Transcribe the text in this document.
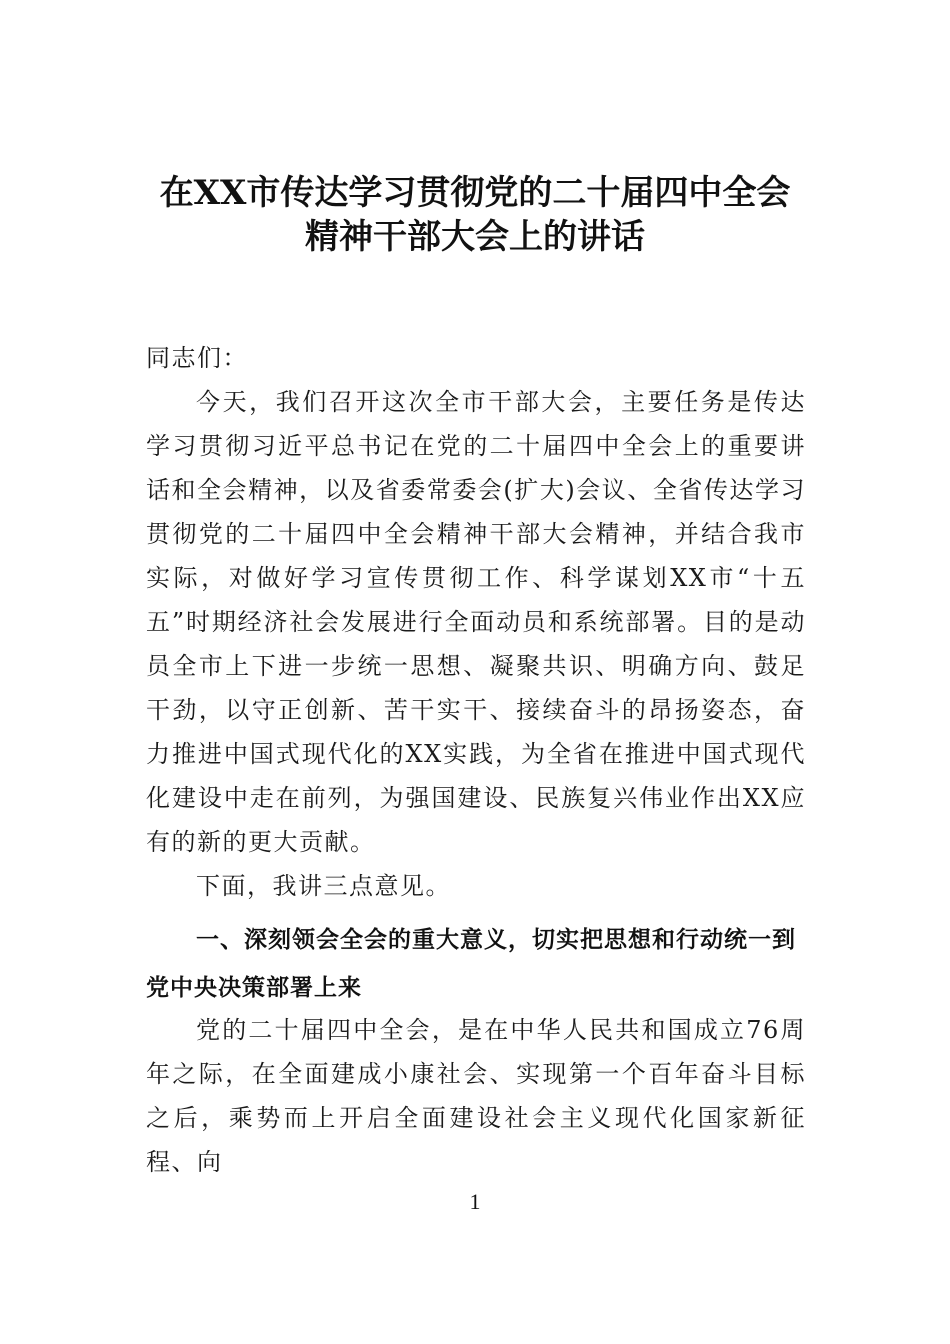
在XX市传达学习贯彻党的二十届四中全会
精神干部大会上的讲话
同志们：
今天，我们召开这次全市干部大会，主要任务是传达学习贯彻习近平总书记在党的二十届四中全会上的重要讲话和全会精神，以及省委常委会(扩大)会议、全省传达学习贯彻党的二十届四中全会精神干部大会精神，并结合我市实际，对做好学习宣传贯彻工作、科学谋划XX市“十五五”时期经济社会发展进行全面动员和系统部署。目的是动员全市上下进一步统一思想、凝聚共识、明确方向、鼓足干劲，以守正创新、苦干实干、接续奋斗的昂扬姿态，奋力推进中国式现代化的XX实践，为全省在推进中国式现代化建设中走在前列，为强国建设、民族复兴伟业作出XX应有的新的更大贡献。
下面，我讲三点意见。
一、深刻领会全会的重大意义，切实把思想和行动统一到党中央决策部署上来
党的二十届四中全会，是在中华人民共和国成立76周年之际，在全面建成小康社会、实现第一个百年奋斗目标之后，乘势而上开启全面建设社会主义现代化国家新征程、向
1
